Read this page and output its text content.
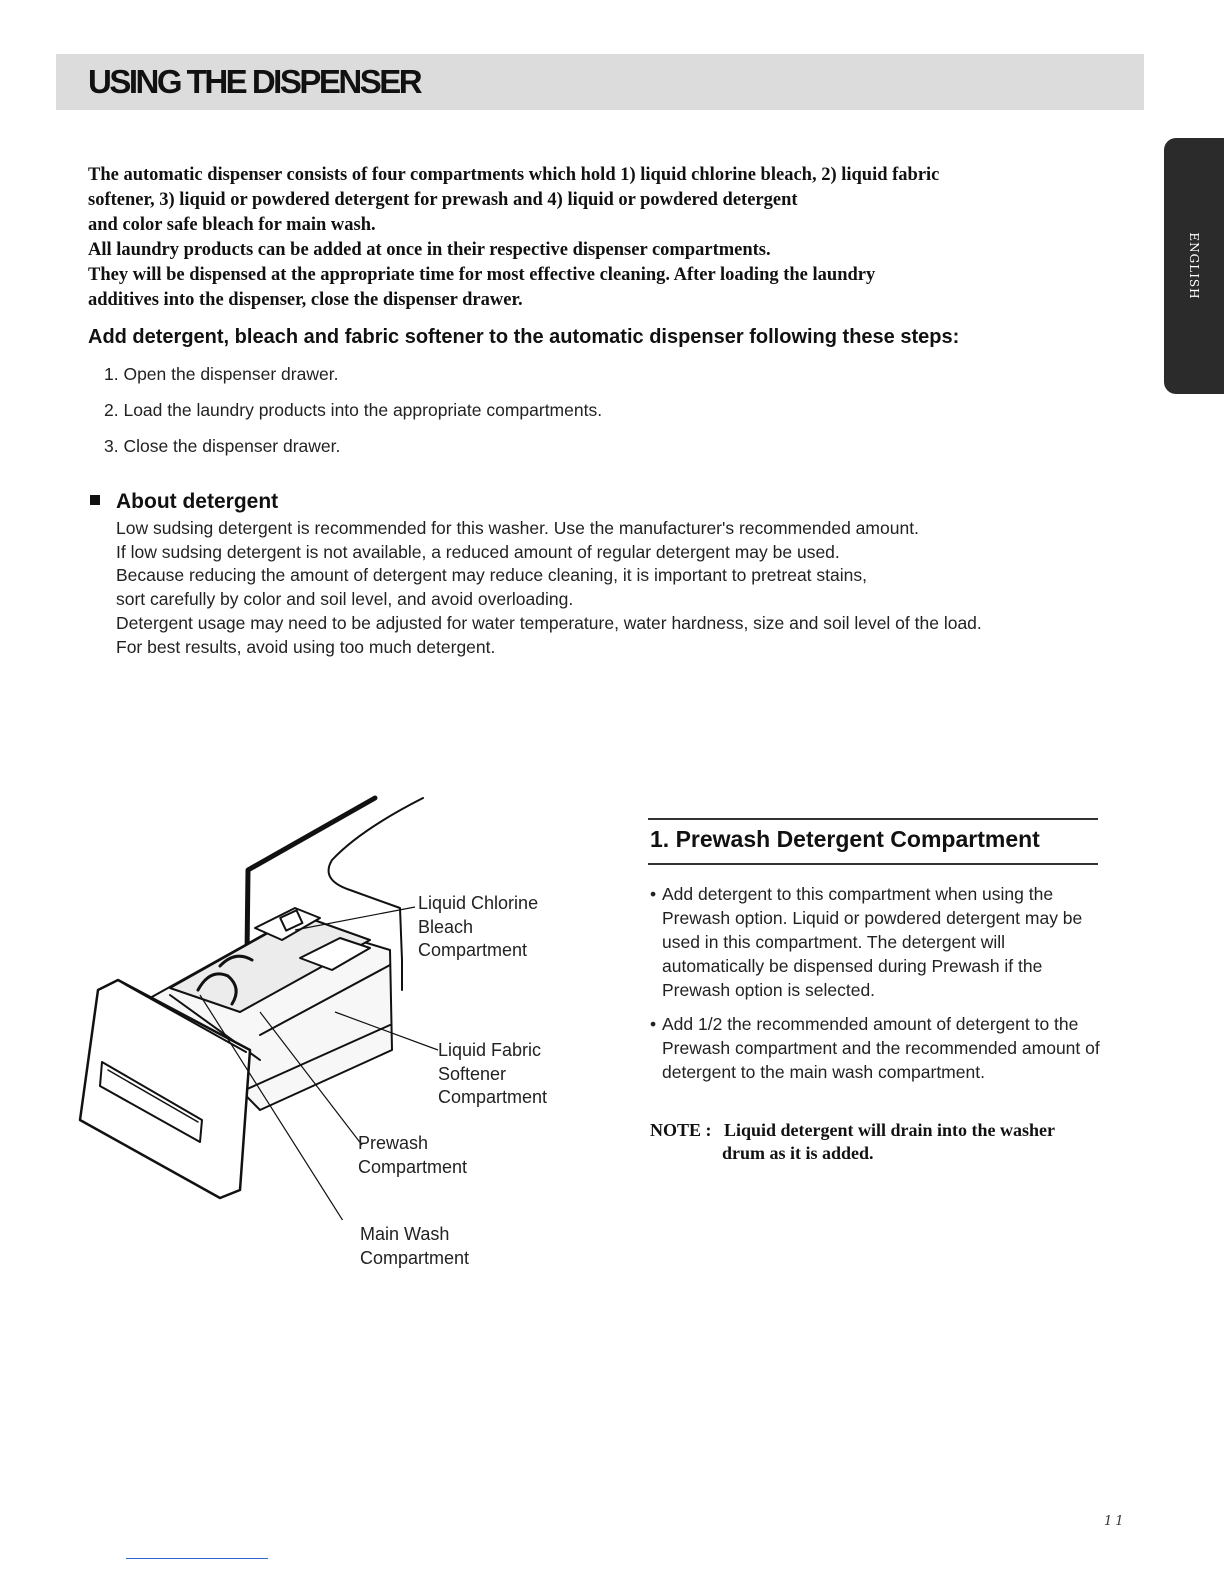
USING THE DISPENSER
ENGLISH

The automatic dispenser consists of four compartments which hold 1) liquid chlorine bleach, 2) liquid fabric

softener, 3) liquid or powdered detergent for prewash and 4) liquid or powdered detergent

and color safe bleach for main wash.

All laundry products can be added at once in their respective dispenser compartments.

They will be dispensed at the appropriate time for most effective cleaning. After loading the laundry

additives into the dispenser, close the dispenser drawer.

Add detergent, bleach and fabric softener to the automatic dispenser following these steps:
1. Open the dispenser drawer.
2. Load the laundry products into the appropriate compartments.
3. Close the dispenser drawer.
About detergent

Low sudsing detergent is recommended for this washer. Use the manufacturer's recommended amount.

If low sudsing detergent is not available, a reduced amount of regular detergent may be used.

Because reducing the amount of detergent may reduce cleaning, it is important to pretreat stains,

sort carefully by color and soil level, and avoid overloading.

Detergent usage may need to be adjusted for water temperature, water hardness, size and soil level of the load.

For best results, avoid using too much detergent.

Liquid Chlorine
Bleach
Compartment
Liquid Fabric
Softener
Compartment
Prewash
Compartment
Main Wash
Compartment
1. Prewash Detergent Compartment
• Add detergent to this compartment when using the Prewash option. Liquid or powdered detergent may be used in this compartment. The detergent will automatically be dispensed during Prewash if the Prewash option is selected.
• Add 1/2 the recommended amount of detergent to the Prewash compartment and the recommended amount of detergent to the main wash compartment.
NOTE : Liquid detergent will drain into the washer
drum as it is added.
11
